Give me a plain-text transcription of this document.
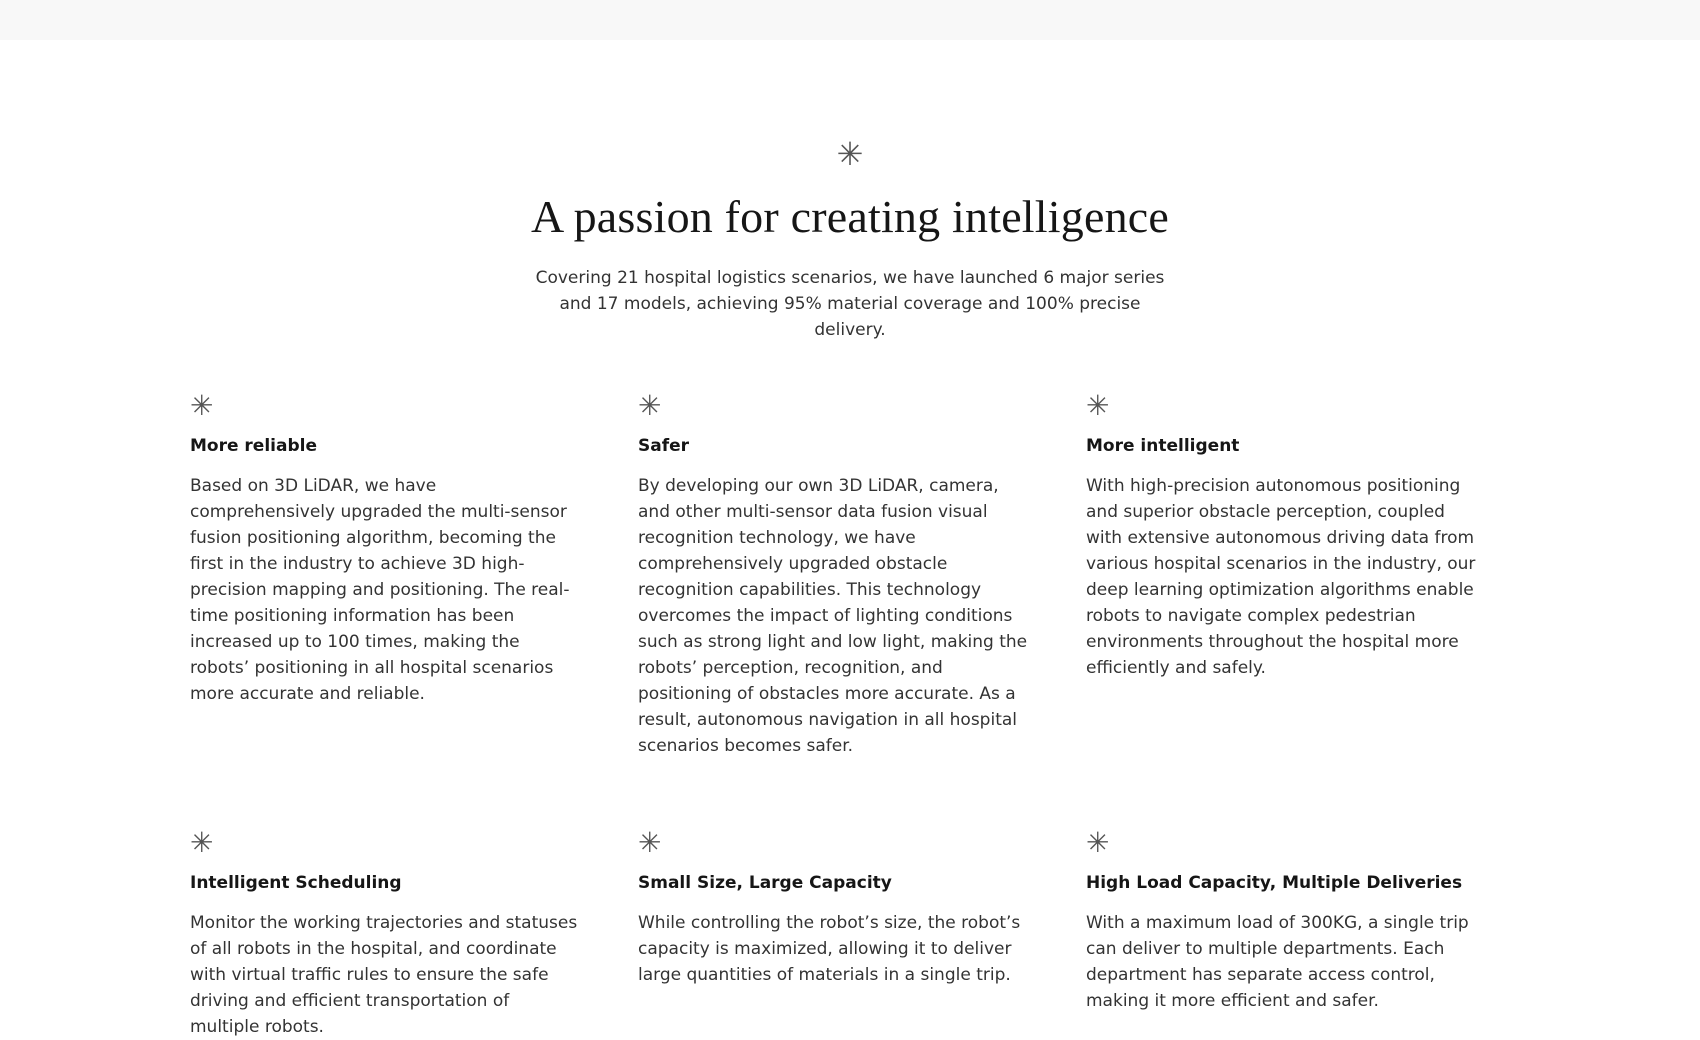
✳
A passion for creating intelligence

Covering 21 hospital logistics scenarios, we have launched 6 major series and 17 models, achieving 95% material coverage and 100% precise delivery.

✳
More reliable

Based on 3D LiDAR, we have comprehensively upgraded the multi-sensor fusion positioning algorithm, becoming the first in the industry to achieve 3D high-precision mapping and positioning. The real-time positioning information has been increased up to 100 times, making the robots’ positioning in all hospital scenarios more accurate and reliable.

✳
Safer

By developing our own 3D LiDAR, camera, and other multi-sensor data fusion visual recognition technology, we have comprehensively upgraded obstacle recognition capabilities. This technology overcomes the impact of lighting conditions such as strong light and low light, making the robots’ perception, recognition, and positioning of obstacles more accurate. As a result, autonomous navigation in all hospital scenarios becomes safer.

✳
More intelligent

With high-precision autonomous positioning and superior obstacle perception, coupled with extensive autonomous driving data from various hospital scenarios in the industry, our deep learning optimization algorithms enable robots to navigate complex pedestrian environments throughout the hospital more efficiently and safely.

✳
Intelligent Scheduling

Monitor the working trajectories and statuses of all robots in the hospital, and coordinate with virtual traffic rules to ensure the safe driving and efficient transportation of multiple robots.

✳
Small Size, Large Capacity

While controlling the robot’s size, the robot’s capacity is maximized, allowing it to deliver large quantities of materials in a single trip.

✳
High Load Capacity, Multiple Deliveries

With a maximum load of 300KG, a single trip can deliver to multiple departments. Each department has separate access control, making it more efficient and safer.
